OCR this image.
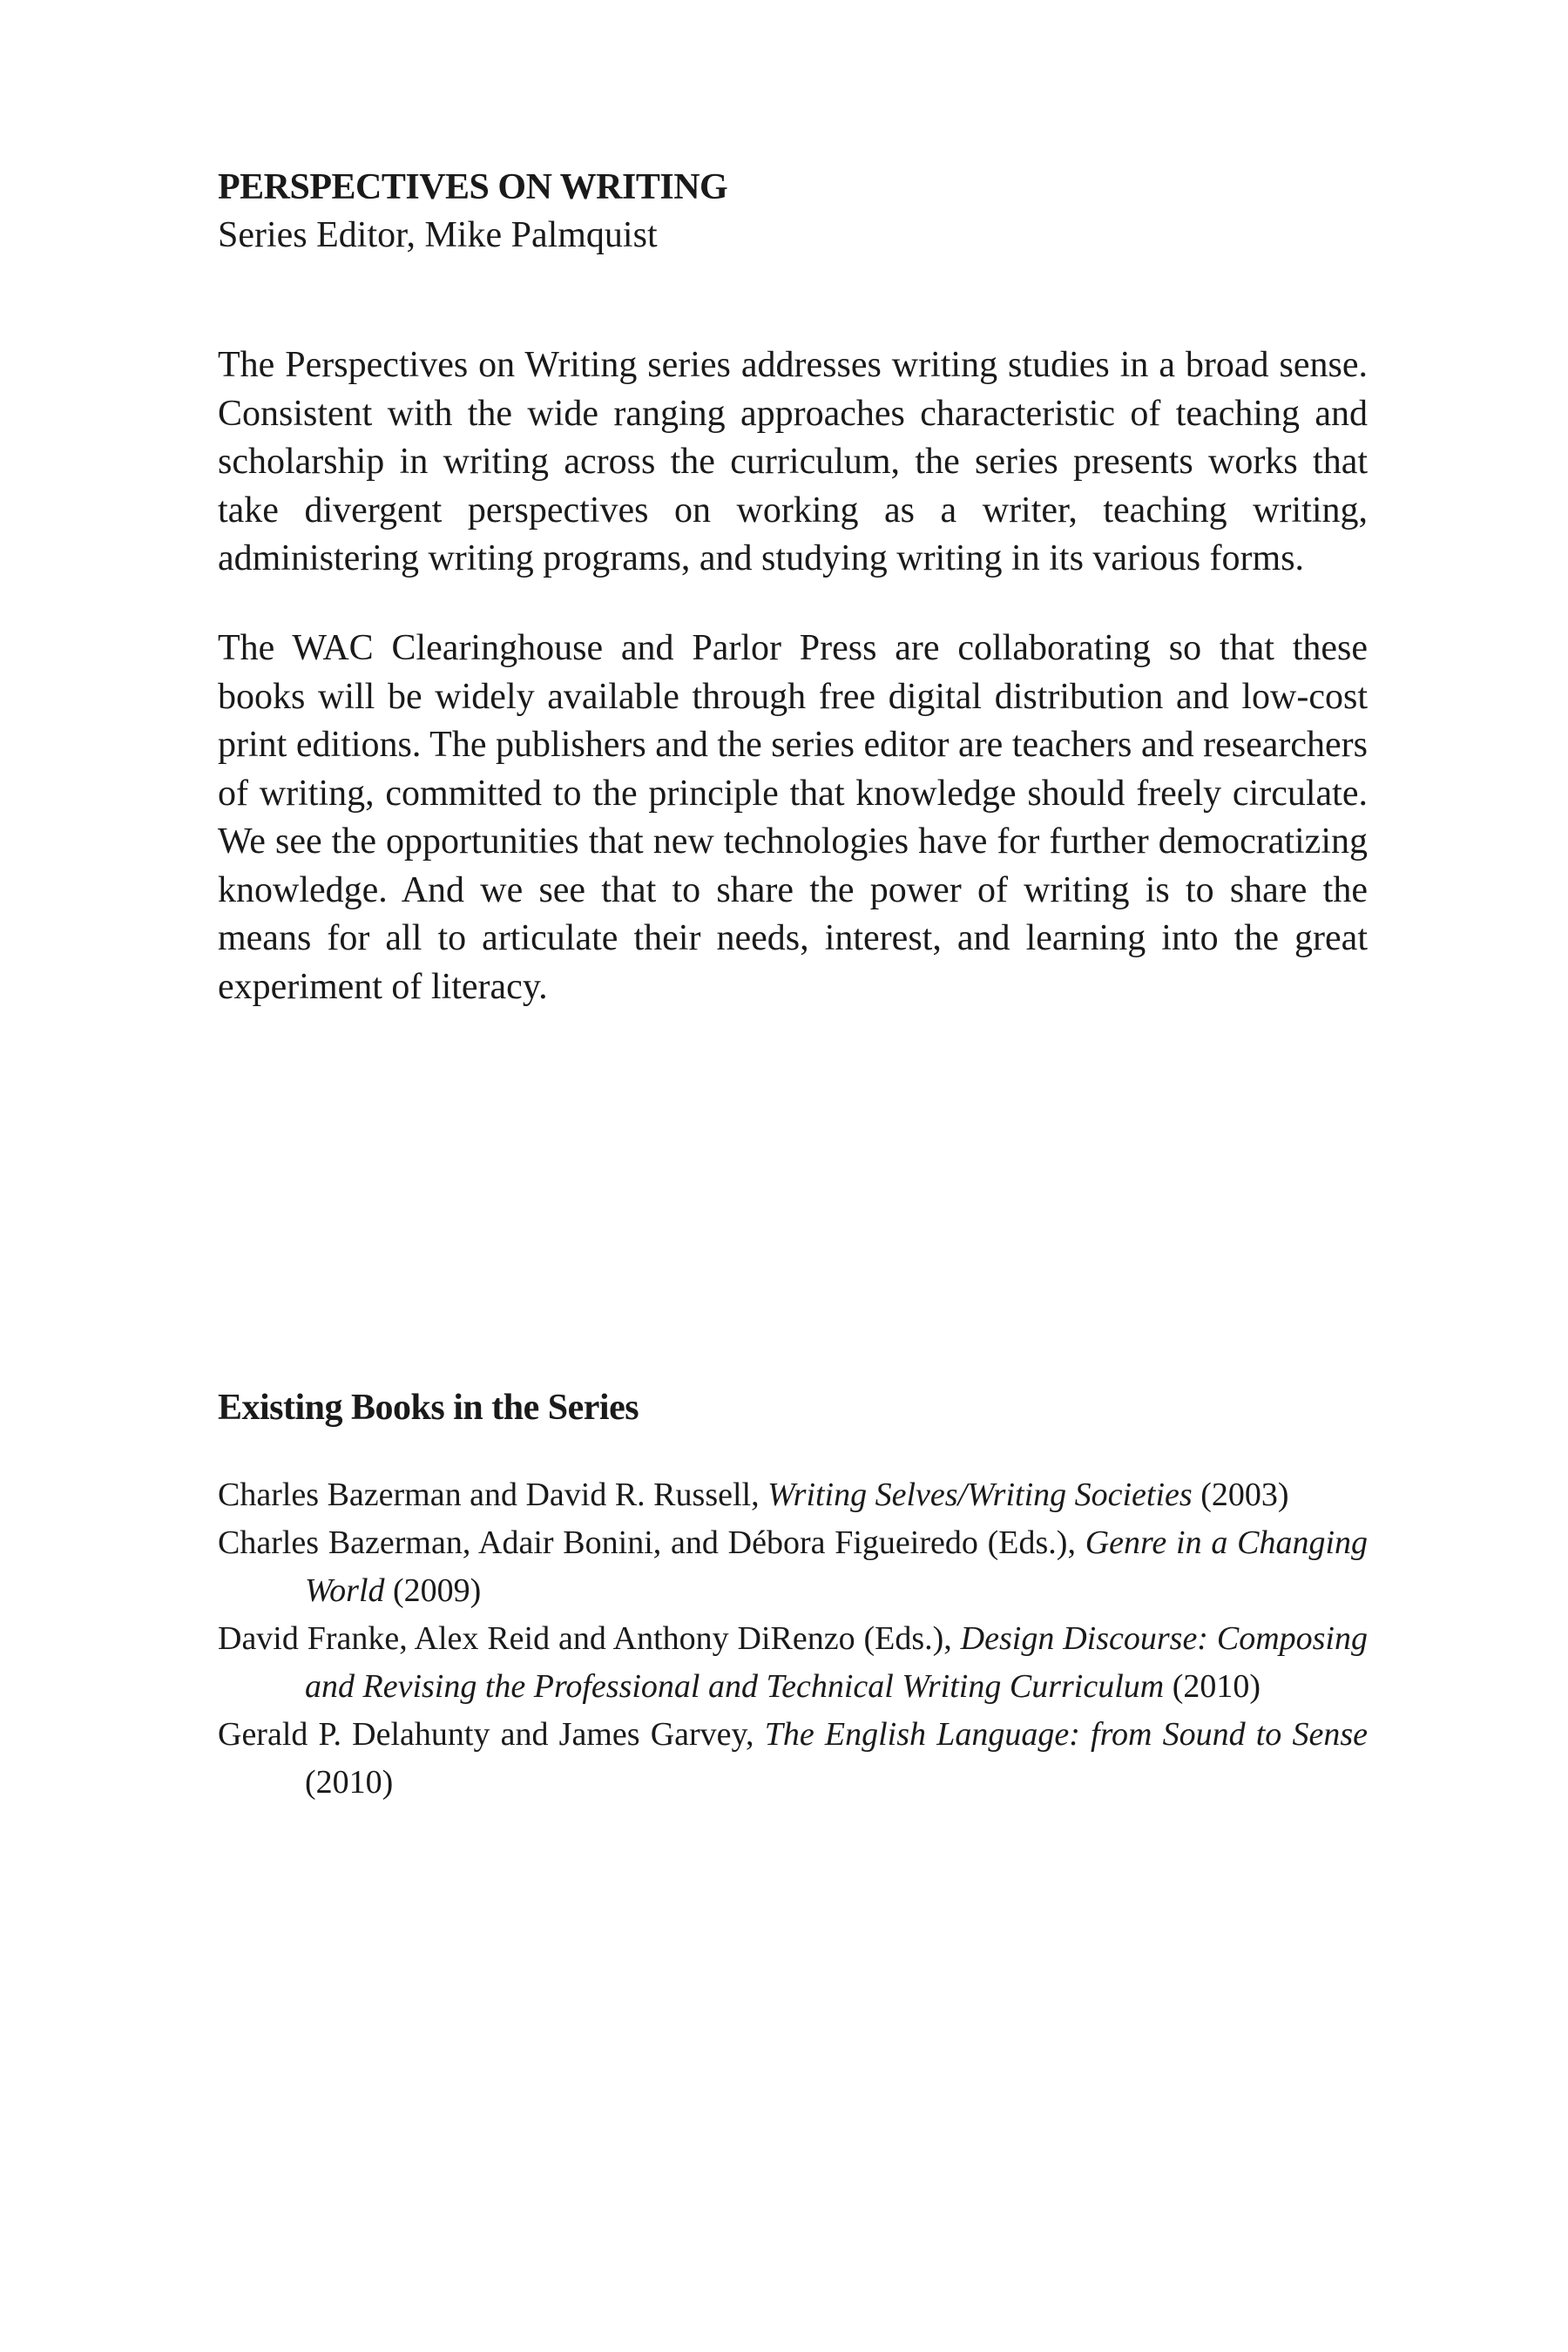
PERSPECTIVES ON WRITING
Series Editor, Mike Palmquist

The Perspectives on Writing series addresses writing studies in a broad sense. Consistent with the wide ranging approaches characteristic of teaching and scholarship in writing across the curriculum, the series presents works that take divergent perspectives on working as a writer, teaching writing, administering writing programs, and studying writing in its various forms.

The WAC Clearinghouse and Parlor Press are collaborating so that these books will be widely available through free digital distribution and low-cost print editions. The publishers and the series editor are teachers and researchers of writing, committed to the principle that knowledge should freely circulate. We see the opportunities that new technologies have for further democratizing knowledge. And we see that to share the power of writing is to share the means for all to articulate their needs, interest, and learning into the great experiment of literacy.

Existing Books in the Series
Charles Bazerman and David R. Russell, Writing Selves/Writing Societies (2003)
Charles Bazerman, Adair Bonini, and Débora Figueiredo (Eds.), Genre in a Changing World (2009)
David Franke, Alex Reid and Anthony DiRenzo (Eds.), Design Discourse: Composing and Revising the Professional and Technical Writing Curriculum (2010)
Gerald P. Delahunty and James Garvey, The English Language: from Sound to Sense (2010)
